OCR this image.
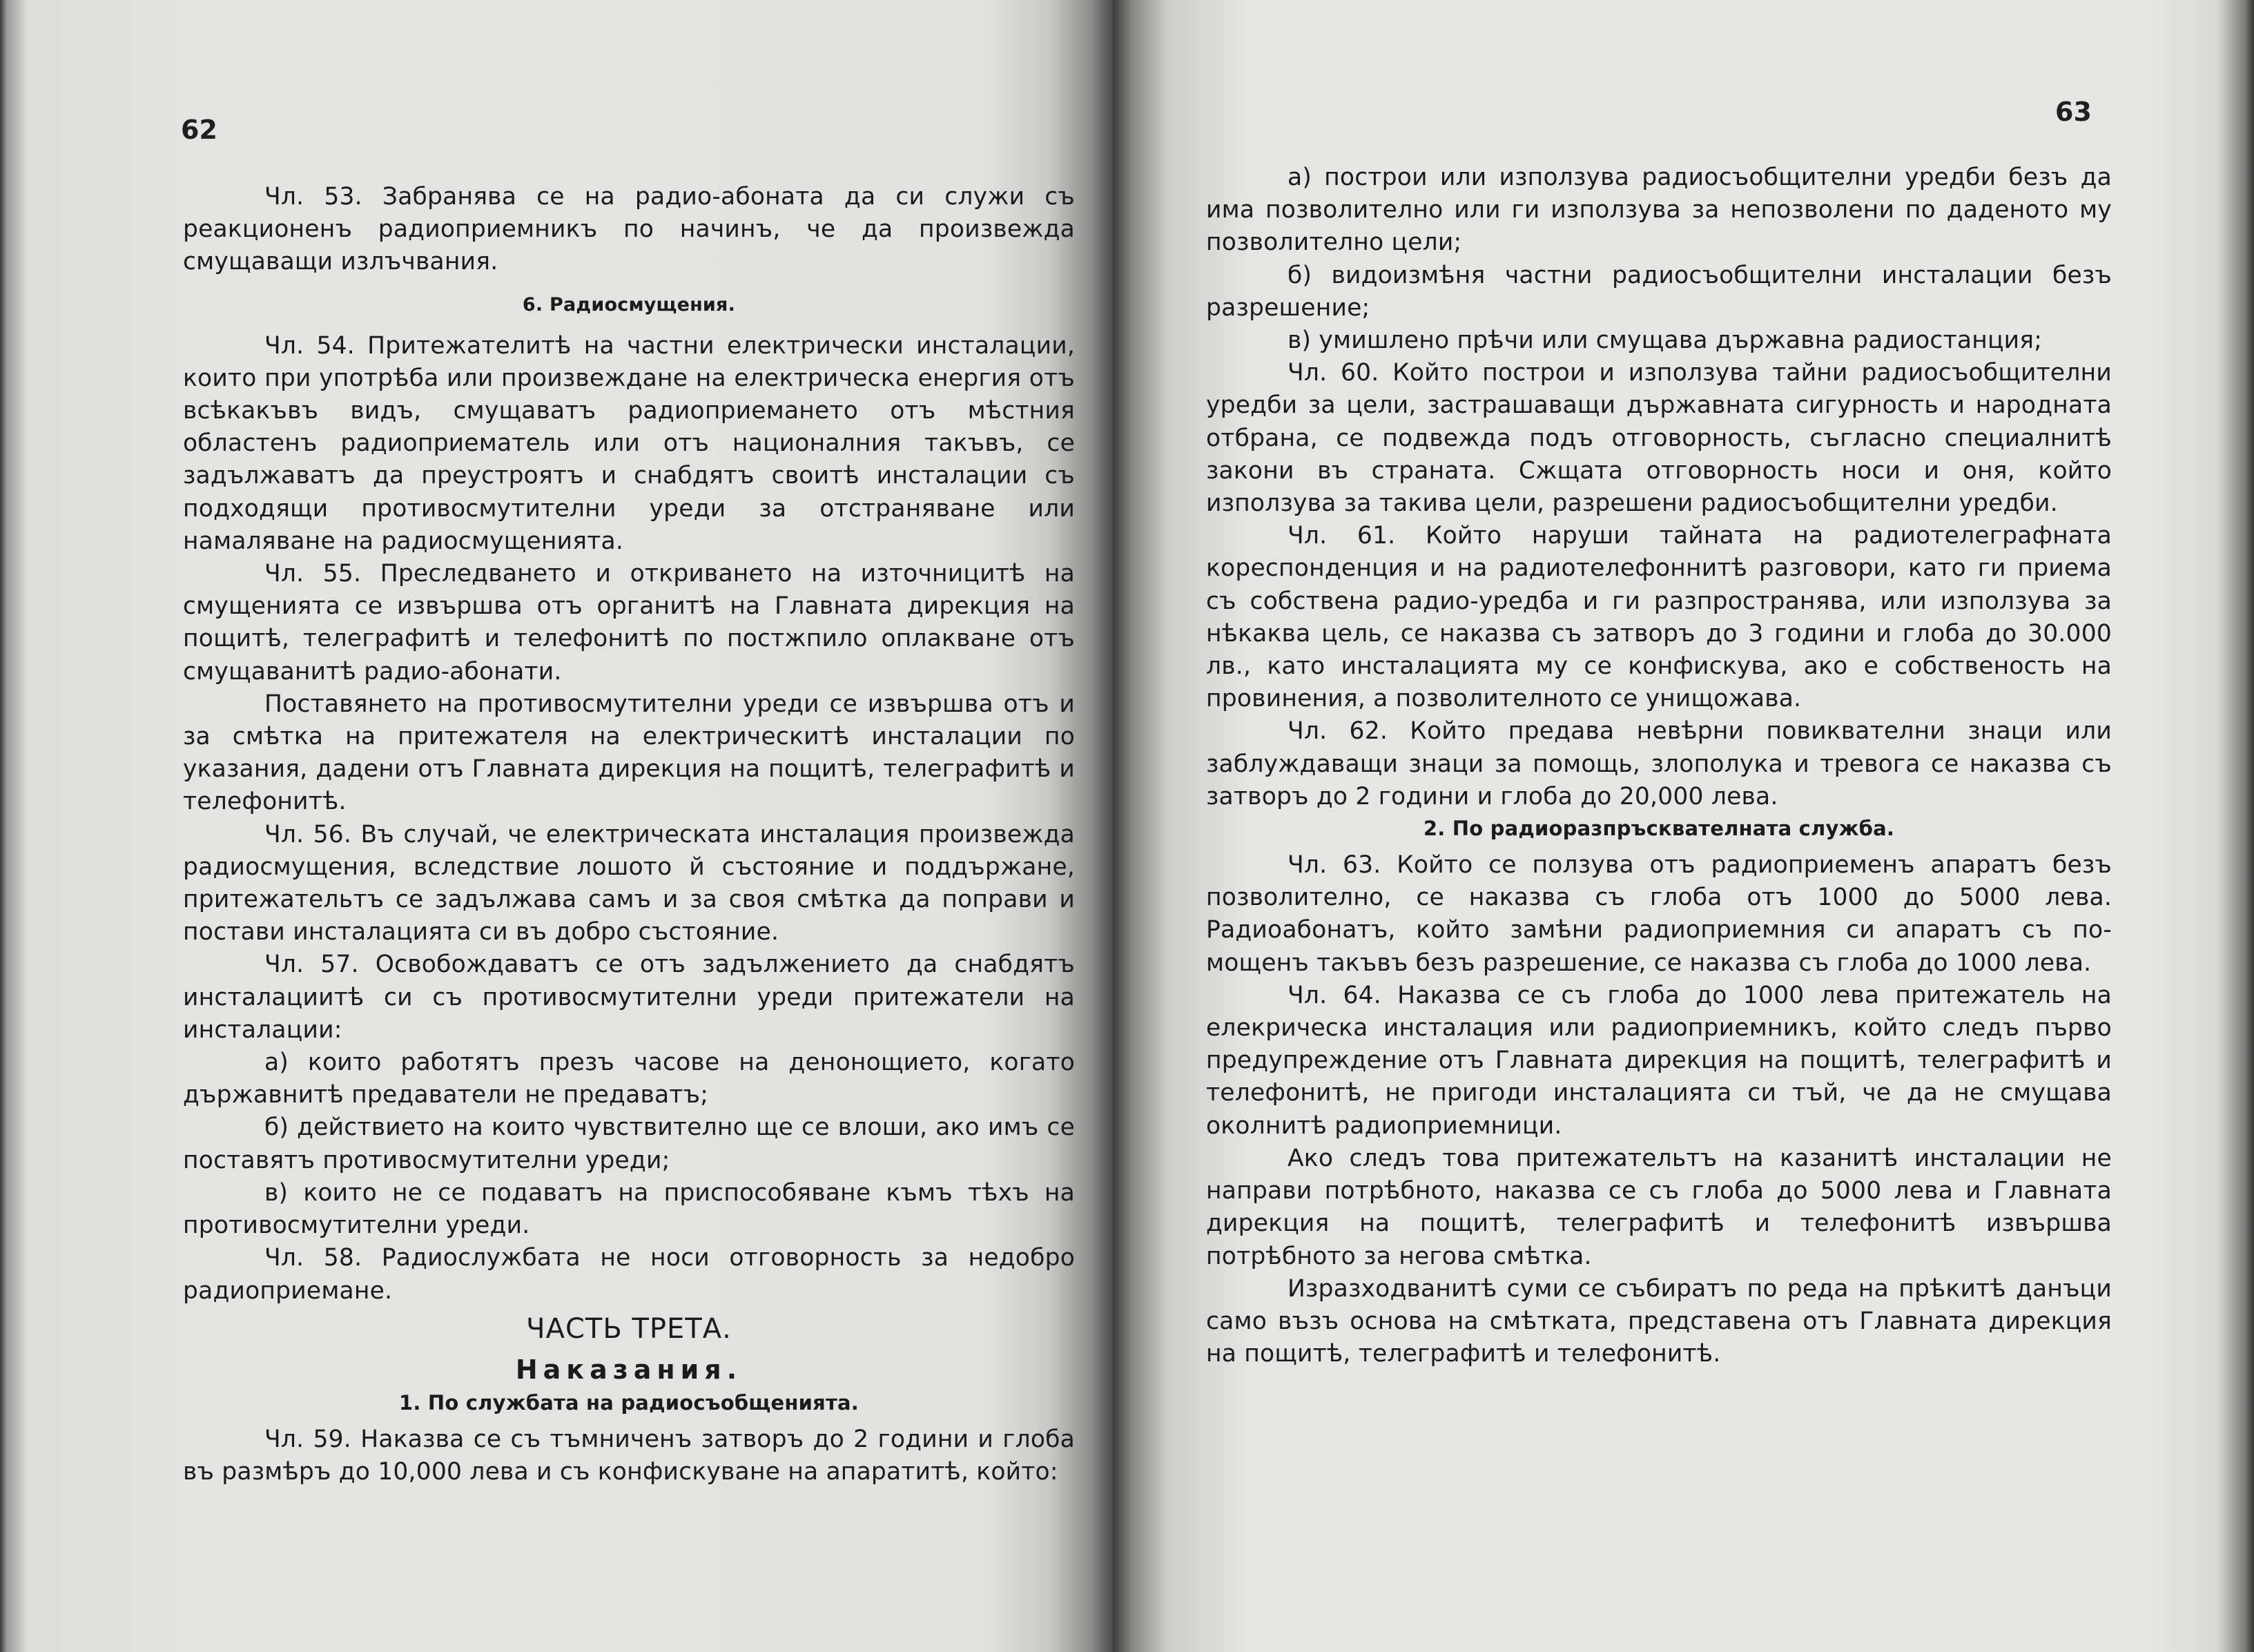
62

Чл. 53. Забранява се на радио-абоната да си служи съ реакционенъ радиоприемникъ по начинъ, че да произвежда смущаващи излъчвания.

6. Радиосмущения.

Чл. 54. Притежателитѣ на частни електрически инсталации, които при употрѣба или произвеждане на електрическа енергия отъ всѣкакъвъ видъ, смущаватъ радиоприемането отъ мѣстния областенъ радиоприематель или отъ националния такъвъ, се задължаватъ да преустроятъ и снабдятъ своитѣ инсталации съ подходящи противосмутителни уреди за отстраняване или намаляване на радиосмущенията.

Чл. 55. Преследването и откриването на източницитѣ на смущенията се извършва отъ органитѣ на Главната дирекция на пощитѣ, телеграфитѣ и телефонитѣ по постжпило оплакване отъ смущаванитѣ радио-абонати.

Поставянето на противосмутителни уреди се извършва отъ и за смѣтка на притежателя на електрическитѣ инсталации по указания, дадени отъ Главната дирекция на пощитѣ, телеграфитѣ и телефонитѣ.

Чл. 56. Въ случай, че електрическата инсталация произвежда радиосмущения, вследствие лошото й състояние и поддържане, притежательтъ се задължава самъ и за своя смѣтка да поправи и постави инсталацията си въ добро състояние.

Чл. 57. Освобождаватъ се отъ задължението да снабдятъ инсталациитѣ си съ противосмутителни уреди притежатели на инсталации:

а) които работятъ презъ часове на денонощието, когато държавнитѣ предаватели не предаватъ;

б) действието на които чувствително ще се влоши, ако имъ се поставятъ противосмутителни уреди;

в) които не се подаватъ на приспособяване къмъ тѣхъ на противосмутителни уреди.

Чл. 58. Радиослужбата не носи отговорность за недобро радиоприемане.

ЧАСТЬ ТРЕТА.
Наказания.
1. По службата на радиосъобщенията.

Чл. 59. Наказва се съ тъмниченъ затворъ до 2 години и глоба въ размѣръ до 10,000 лева и съ конфискуване на апаратитѣ, който:

63

а) построи или използува радиосъобщителни уредби безъ да има позволително или ги използува за непозволени по даденото му позволително цели;

б) видоизмѣня частни радиосъобщителни инсталации безъ разрешение;

в) умишлено прѣчи или смущава държавна радиостанция;

Чл. 60. Който построи и използува тайни радиосъобщителни уредби за цели, застрашаващи държавната сигурность и народната отбрана, се подвежда подъ отговорность, съгласно специалнитѣ закони въ страната. Сжщата отговорность носи и оня, който използува за такива цели, разрешени радиосъобщителни уредби.

Чл. 61. Който наруши тайната на радиотелеграфната кореспонденция и на радиотелефоннитѣ разговори, като ги приема съ собствена радио-уредба и ги разпространява, или използува за нѣкаква цель, се наказва съ затворъ до 3 години и глоба до 30.000 лв., като инсталацията му се конфискува, ако е собственость на провинения, а позволителното се унищожава.

Чл. 62. Който предава невѣрни повиквателни знаци или заблуждаващи знаци за помощь, злополука и тревога се наказва съ затворъ до 2 години и глоба до 20,000 лева.

2. По радиоразпръсквателната служба.

Чл. 63. Който се ползува отъ радиоприеменъ апаратъ безъ позволително, се наказва съ глоба отъ 1000 до 5000 лева. Радиоабонатъ, който замѣни радиоприемния си апаратъ съ по-мощенъ такъвъ безъ разрешение, се наказва съ глоба до 1000 лева.

Чл. 64. Наказва се съ глоба до 1000 лева притежатель на елекрическа инсталация или радиоприемникъ, който следъ първо предупреждение отъ Главната дирекция на пощитѣ, телеграфитѣ и телефонитѣ, не пригоди инсталацията си тъй, че да не смущава околнитѣ радиоприемници.

Ако следъ това притежательтъ на казанитѣ инсталации не направи потрѣбното, наказва се съ глоба до 5000 лева и Главната дирекция на пощитѣ, телеграфитѣ и телефонитѣ извършва потрѣбното за негова смѣтка.

Изразходванитѣ суми се събиратъ по реда на прѣкитѣ данъци само възъ основа на смѣтката, представена отъ Главната дирекция на пощитѣ, телеграфитѣ и телефонитѣ.
